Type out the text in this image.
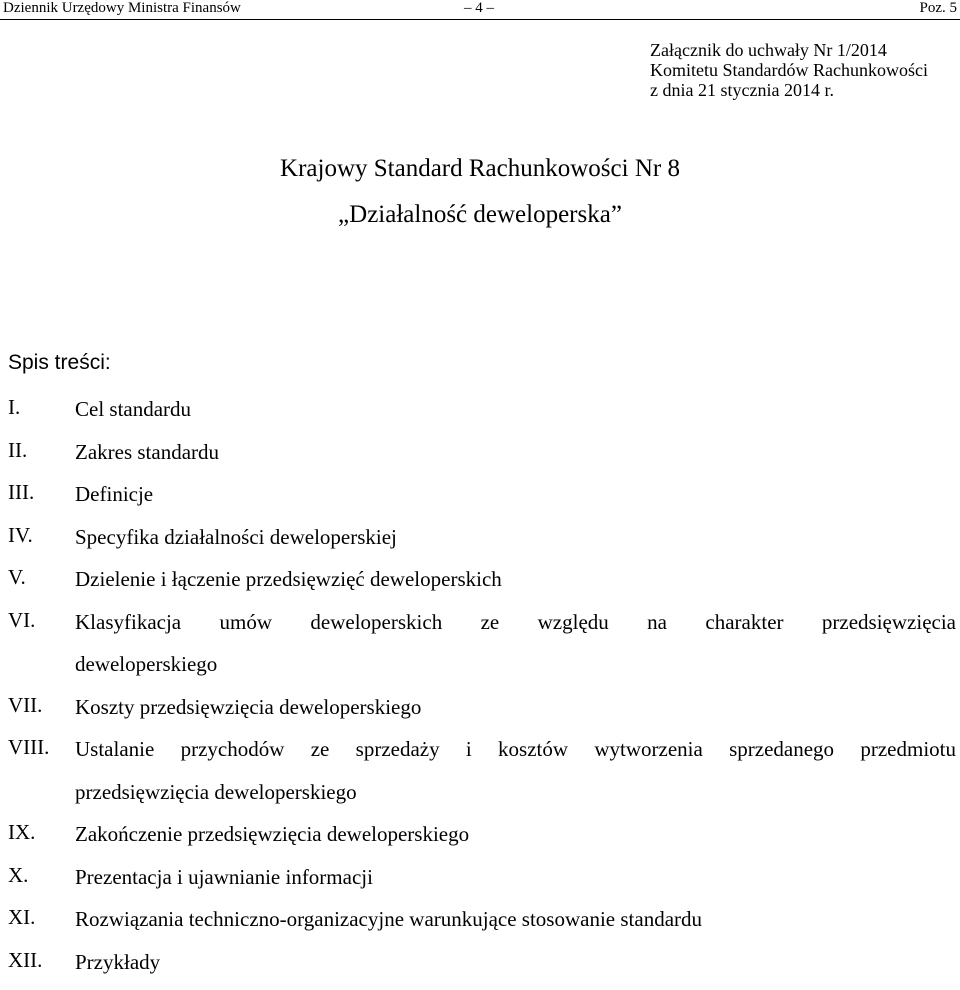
Dziennik Urzędowy Ministra Finansów	– 4 –	Poz. 5
Załącznik do uchwały Nr 1/2014
Komitetu Standardów Rachunkowości
z dnia 21 stycznia 2014 r.
Krajowy Standard Rachunkowości Nr 8
„Działalność deweloperska”
Spis treści:
I.	Cel standardu
II. Zakres standardu
III. Definicje
IV. Specyfika działalności deweloperskiej
V. Dzielenie i łączenie przedsięwzięć deweloperskich
VI. Klasyfikacja umów deweloperskich ze względu na charakter przedsięwzięcia
deweloperskiego
VII. Koszty przedsięwzięcia deweloperskiego
VIII. Ustalanie przychodów ze sprzedaży i kosztów wytworzenia sprzedanego przedmiotu
przedsięwzięcia deweloperskiego
IX. Zakończenie przedsięwzięcia deweloperskiego
X. Prezentacja i ujawnianie informacji
XI. Rozwiązania techniczno-organizacyjne warunkujące stosowanie standardu
XII. Przykłady
